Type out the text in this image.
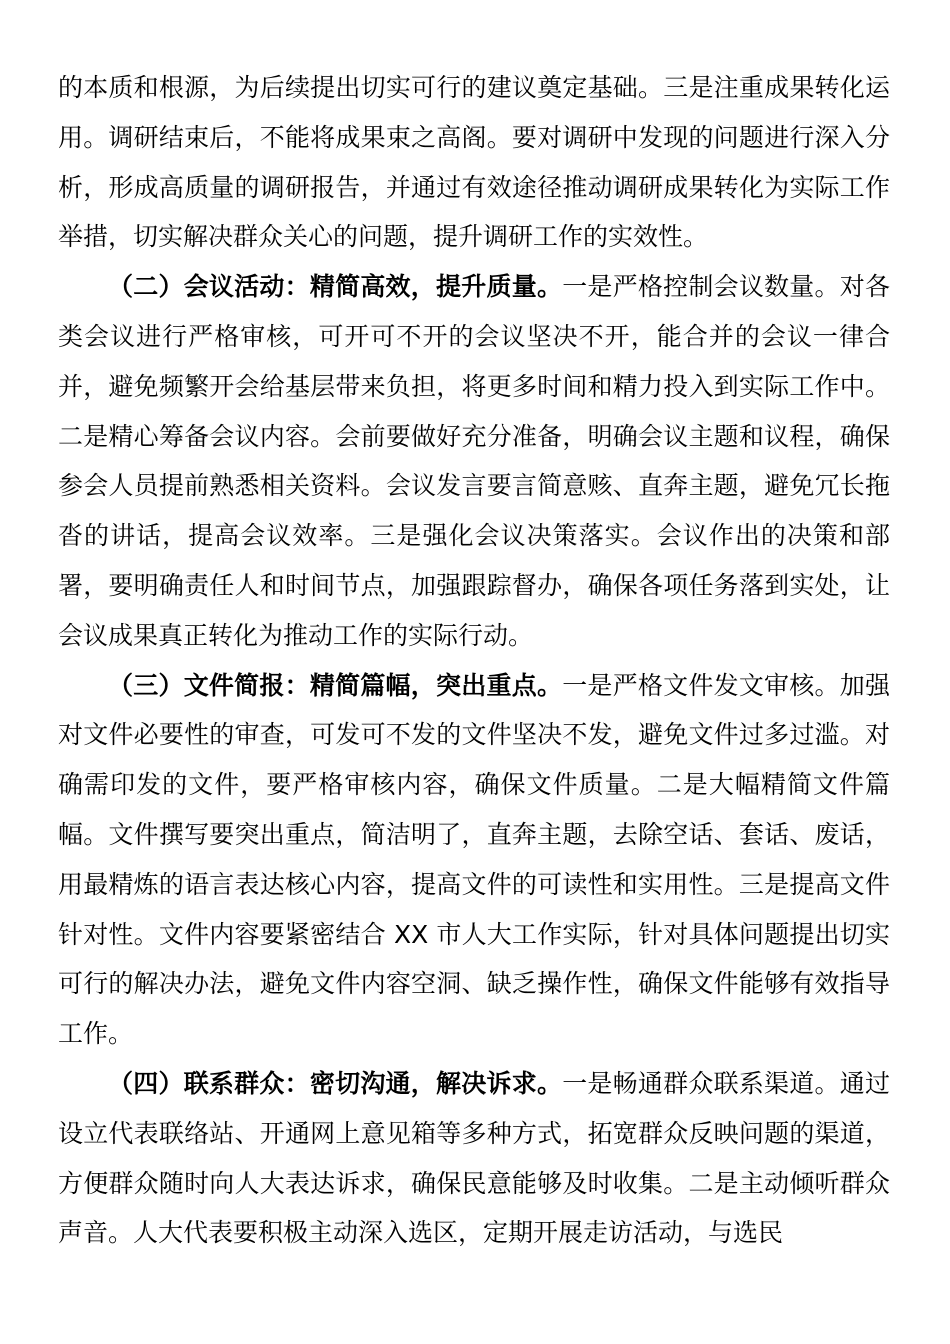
的本质和根源，为后续提出切实可行的建议奠定基础。三是注重成果转化运用。调研结束后，不能将成果束之高阁。要对调研中发现的问题进行深入分析，形成高质量的调研报告，并通过有效途径推动调研成果转化为实际工作举措，切实解决群众关心的问题，提升调研工作的实效性。

（二）会议活动：精简高效，提升质量。一是严格控制会议数量。对各类会议进行严格审核，可开可不开的会议坚决不开，能合并的会议一律合并，避免频繁开会给基层带来负担，将更多时间和精力投入到实际工作中。二是精心筹备会议内容。会前要做好充分准备，明确会议主题和议程，确保参会人员提前熟悉相关资料。会议发言要言简意赅、直奔主题，避免冗长拖沓的讲话，提高会议效率。三是强化会议决策落实。会议作出的决策和部署，要明确责任人和时间节点，加强跟踪督办，确保各项任务落到实处，让会议成果真正转化为推动工作的实际行动。

（三）文件简报：精简篇幅，突出重点。一是严格文件发文审核。加强对文件必要性的审查，可发可不发的文件坚决不发，避免文件过多过滥。对确需印发的文件，要严格审核内容，确保文件质量。二是大幅精简文件篇幅。文件撰写要突出重点，简洁明了，直奔主题，去除空话、套话、废话，用最精炼的语言表达核心内容，提高文件的可读性和实用性。三是提高文件针对性。文件内容要紧密结合 XX 市人大工作实际，针对具体问题提出切实可行的解决办法，避免文件内容空洞、缺乏操作性，确保文件能够有效指导工作。

（四）联系群众：密切沟通，解决诉求。一是畅通群众联系渠道。通过设立代表联络站、开通网上意见箱等多种方式，拓宽群众反映问题的渠道，方便群众随时向人大表达诉求，确保民意能够及时收集。二是主动倾听群众声音。人大代表要积极主动深入选区，定期开展走访活动，与选民
